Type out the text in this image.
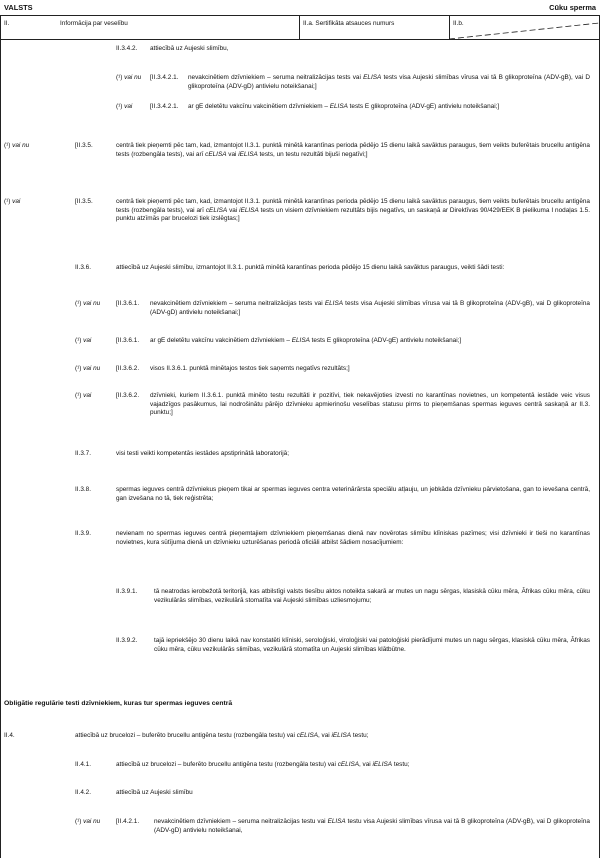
VALSTS	Cūku sperma
II.	Informācija par veselību	II.a. Sertifikāta atsauces numurs	II.b.
II.3.4.2. attiecībā uz Aujeski slimību,
(¹) vai nu [II.3.4.2.1. nevakcinētiem dzīvniekiem – seruma neitralizācijas tests vai ELISA tests visa Aujeski slimības vīrusa vai tā B glikoproteīna (ADV-gB), vai D glikoproteīna (ADV-gD) antivielu noteikšanai;]
(¹) vai	[II.3.4.2.1. ar gE deletētu vakcīnu vakcinētiem dzīvniekiem – ELISA tests E glikoproteīna (ADV-gE) antivielu noteikšanai;]
(¹) vai nu	[II.3.5.	centrā tiek pieņemti pēc tam, kad, izmantojot II.3.1. punktā minētā karantīnas perioda pēdējo 15 dienu laikā savāktus paraugus, tiem veikts buferētais brucellu antigēna tests (rozbengāla tests), vai arī cELISA vai iELISA tests, un testu rezultāti bijuši negatīvi;]
(¹) vai	[II.3.5.	centrā tiek pieņemti pēc tam, kad, izmantojot II.3.1. punktā minētā karantīnas perioda pēdējo 15 dienu laikā savāktus paraugus, tiem veikts buferētais brucellu antigēna tests (rozbengāla tests), vai arī cELISA vai iELISA tests un visiem dzīvniekiem rezultāts bijis negatīvs, un saskaņā ar Direktīvas 90/429/EEK B pielikuma I nodaļas 1.5. punktu atzīmās par brucelozi tiek izslēgtas;]
II.3.6.	attiecībā uz Aujeski slimību, izmantojot II.3.1. punktā minētā karantīnas perioda pēdējo 15 dienu laikā savāktus paraugus, veikti šādi testi:
(¹) vai nu [II.3.6.1. nevakcinētiem dzīvniekiem – seruma neitralizācijas tests vai ELISA tests visa Aujeski slimības vīrusa vai tā B glikoproteīna (ADV-gB), vai D glikoproteīna (ADV-gD) antivielu noteikšanai;]
(¹) vai	[II.3.6.1. ar gE deletētu vakcīnu vakcinētiem dzīvniekiem – ELISA tests E glikoproteīna (ADV-gE) antivielu noteikšanai;]
(¹) vai nu [II.3.6.2. visos II.3.6.1. punktā minētajos testos tiek saņemts negatīvs rezultāts;]
(¹) vai	[II.3.6.2. dzīvnieki, kuriem II.3.6.1. punktā minēto testu rezultāti ir pozitīvi, tiek nekavējoties izvesti no karantīnas novietnes, un kompetentā iestāde veic visus vajadzīgos pasākumus, lai nodrošinātu pārējo dzīvnieku apmierinošu veselības statusu pirms to pieņemšanas spermas ieguves centrā saskaņā ar II.3. punktu;]
II.3.7.	visi testi veikti kompetentās iestādes apstiprinātā laboratorijā;
II.3.8.	spermas ieguves centrā dzīvniekus pieņem tikai ar spermas ieguves centra veterinārārsta speciālu atļauju, un jebkāda dzīvnieku pārvietošana, gan to ievešana centrā, gan izvešana no tā, tiek reģistrēta;
II.3.9.	nevienam no spermas ieguves centrā pieņemtajiem dzīvniekiem pieņemšanas dienā nav novērotas slimību klīniskas pazīmes; visi dzīvnieki ir tieši no karantīnas novietnes, kura sūtījuma dienā un dzīvnieku uzturēšanas periodā oficiāli atbilst šādiem nosacījumiem:
II.3.9.1.	tā neatrodas ierobežotā teritorijā, kas atbilstīgi valsts tiesību aktos noteikta sakarā ar mutes un nagu sērgas, klasiskā cūku mēra, Āfrikas cūku mēra, cūku vezikulārās slimības, vezikulārā stomatīta vai Aujeski slimības uzliesmojumu;
II.3.9.2.	tajā iepriekšējo 30 dienu laikā nav konstatēti klīniski, seroloģiski, viroloģiski vai patoloģiski pierādījumi mutes un nagu sērgas, klasiskā cūku mēra, Āfrikas cūku mēra, cūku vezikulārās slimības, vezikulārā stomatīta un Aujeski slimības klātbūtne.
Obligātie regulārie testi dzīvniekiem, kuras tur spermas ieguves centrā
II.4.	attiecībā uz brucelozi – buferēto brucellu antigēna testu (rozbengāla testu) vai cELISA, vai iELISA testu;
II.4.1.	attiecībā uz brucelozi – buferēto brucellu antigēna testu (rozbengāla testu) vai cELISA, vai iELISA testu;
II.4.2.	attiecībā uz Aujeski slimību
(¹) vai nu [II.4.2.1. nevakcinētiem dzīvniekiem – seruma neitralizācijas testu vai ELISA testu visa Aujeski slimības vīrusa vai tā B glikoproteīna (ADV-gB), vai D glikoproteīna (ADV-gD) antivielu noteikšanai,
